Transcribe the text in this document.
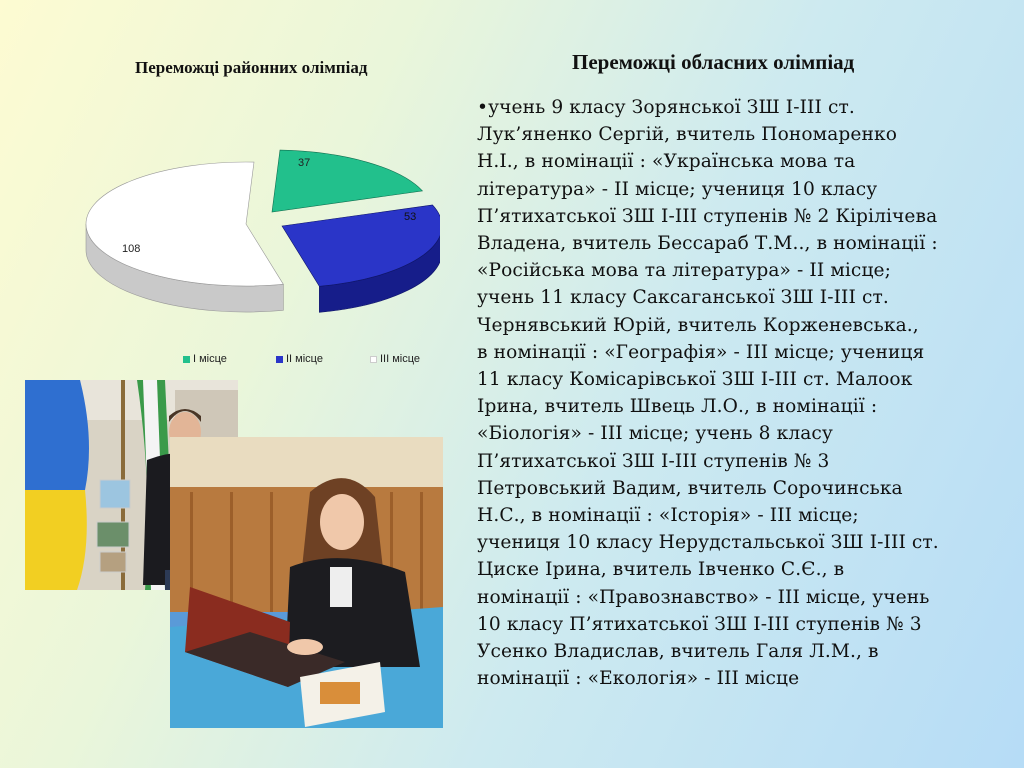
Переможці районних олімпіад
37
53
108
І місце	ІІ місце	ІІІ місце
Переможці обласних олімпіад
•учень 9 класу Зорянської ЗШ I-III ст.
Лук’яненко Сергій, вчитель Пономаренко
Н.І., в номінації : «Українська мова та
література» - ІІ місце; учениця 10 класу
П’ятихатської ЗШ І-ІІІ ступенів № 2 Кірілічева
Владена, вчитель Бессараб Т.М.., в номінації :
«Російська мова та література» - ІІ місце;
учень 11 класу Саксаганської ЗШ І-ІІІ ст.
Чернявський Юрій, вчитель Корженевська.,
в номінації : «Географія» - ІІІ місце; учениця
11 класу Комісарівської ЗШ І-ІІІ ст. Малоок
Ірина, вчитель Швець Л.О., в номінації :
«Біологія» - ІІІ місце; учень 8 класу
П’ятихатської ЗШ І-ІІІ ступенів № 3
Петровський Вадим, вчитель Сорочинська
Н.С., в номінації : «Історія» - ІІІ місце;
учениця 10 класу Нерудстальської ЗШ І-ІІІ ст.
Циске Ірина, вчитель Івченко С.Є., в
номінації : «Правознавство» - ІІІ місце, учень
10 класу П’ятихатської ЗШ І-ІІІ ступенів № 3
Усенко Владислав, вчитель Галя Л.М., в
номінації : «Екологія» - ІІІ місце
